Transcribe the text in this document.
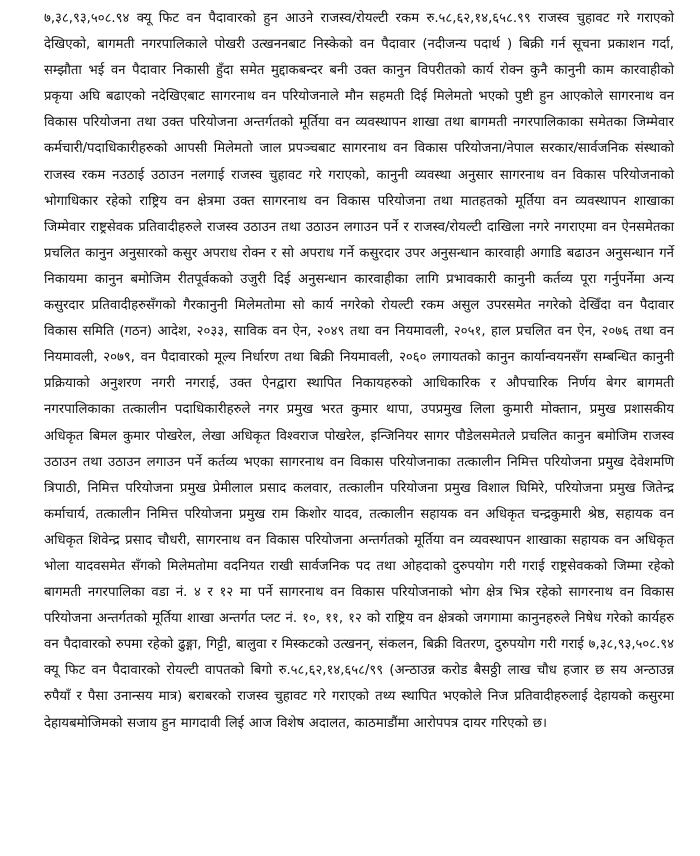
७,३८,९३,५०८.९४ क्यू फिट वन पैदावारको हुन आउने राजस्व/रोयल्टी रकम रु.५८,६२,१४,६५८.९९ राजस्व चुहावट गरे गराएको देखिएको, बागमती नगरपालिकाले पोखरी उत्खननबाट निस्केको वन पैदावार (नदीजन्य पदार्थ ) बिक्री गर्न सूचना प्रकाशन गर्दा, सम्झौता भई वन पैदावार निकासी हुँदा समेत मुद्दाकबन्दर बनी उक्त कानुन विपरीतको कार्य रोक्न कुनै कानुनी काम कारवाहीको प्रकृया अघि बढाएको नदेखिएबाट सागरनाथ वन परियोजनाले मौन सहमती दिई मिलेमतो भएको पुष्टी हुन आएकोले सागरनाथ वन विकास परियोजना तथा उक्त परियोजना अन्तर्गतको मूर्तिया वन व्यवस्थापन शाखा तथा बागमती नगरपालिकाका समेतका जिम्मेवार कर्मचारी/पदाधिकारीहरुको आपसी मिलेमतो जाल प्रपञ्चबाट सागरनाथ वन विकास परियोजना/नेपाल सरकार/सार्वजनिक संस्थाको राजस्व रकम नउठाई उठाउन नलगाई राजस्व चुहावट गरे गराएको, कानुनी व्यवस्था अनुसार सागरनाथ वन विकास परियोजनाको भोगाधिकार रहेको राष्ट्रिय वन क्षेत्रमा उक्त सागरनाथ वन विकास परियोजना तथा मातहतको मूर्तिया वन व्यवस्थापन शाखाका जिम्मेवार राष्ट्रसेवक प्रतिवादीहरुले राजस्व उठाउन तथा उठाउन लगाउन पर्ने र राजस्व/रोयल्टी दाखिला नगरे नगराएमा वन ऐनसमेतका प्रचलित कानुन अनुसारको कसुर अपराध रोक्न र सो अपराध गर्ने कसुरदार उपर अनुसन्धान कारवाही अगाडि बढाउन अनुसन्धान गर्ने निकायमा कानुन बमोजिम रीतपूर्वकको उजुरी दिई अनुसन्धान कारवाहीका लागि प्रभावकारी कानुनी कर्तव्य पूरा गर्नुपर्नेमा अन्य कसुरदार प्रतिवादीहरुसँगको गैरकानुनी मिलेमतोमा सो कार्य नगरेको रोयल्टी रकम असुल उपरसमेत नगरेको देखिँदा वन पैदावार विकास समिति (गठन) आदेश, २०३३, साविक वन ऐन, २०४९ तथा वन नियमावली, २०५१, हाल प्रचलित वन ऐन, २०७६ तथा वन नियमावली, २०७९, वन पैदावारको मूल्य निर्धारण तथा बिक्री नियमावली, २०६० लगायतको कानुन कार्यान्वयनसँग सम्बन्धित कानुनी प्रक्रियाको अनुशरण नगरी नगराई, उक्त ऐनद्वारा स्थापित निकायहरुको आधिकारिक र औपचारिक निर्णय बेगर बागमती नगरपालिकाका तत्कालीन पदाधिकारीहरुले नगर प्रमुख भरत कुमार थापा, उपप्रमुख लिला कुमारी मोक्तान, प्रमुख प्रशासकीय अधिकृत बिमल कुमार पोखरेल, लेखा अधिकृत विश्वराज पोखरेल, इन्जिनियर सागर पौडेलसमेतले प्रचलित कानुन बमोजिम राजस्व उठाउन तथा उठाउन लगाउन पर्ने कर्तव्य भएका सागरनाथ वन विकास परियोजनाका तत्कालीन निमित्त परियोजना प्रमुख देवेशमणि त्रिपाठी, निमित्त परियोजना प्रमुख प्रेमीलाल प्रसाद कलवार, तत्कालीन परियोजना प्रमुख विशाल घिमिरे, परियोजना प्रमुख जितेन्द्र कर्माचार्य, तत्कालीन निमित्त परियोजना प्रमुख राम किशोर यादव, तत्कालीन सहायक वन अधिकृत चन्द्रकुमारी श्रेष्ठ, सहायक वन अधिकृत शिवेन्द्र प्रसाद चौधरी, सागरनाथ वन विकास परियोजना अन्तर्गतको मूर्तिया वन व्यवस्थापन शाखाका सहायक वन अधिकृत भोला यादवसमेत सँगको मिलेमतोमा वदनियत राखी सार्वजनिक पद तथा ओहदाको दुरुपयोग गरी गराई राष्ट्रसेवकको जिम्मा रहेको बागमती नगरपालिका वडा नं. ४ र १२ मा पर्ने सागरनाथ वन विकास परियोजनाको भोग क्षेत्र भित्र रहेको सागरनाथ वन विकास परियोजना अन्तर्गतको मूर्तिया शाखा अन्तर्गत प्लट नं. १०, ११, १२ को राष्ट्रिय वन क्षेत्रको जगगामा कानुनहरुले निषेध गरेको कार्यहरु वन पैदावारको रुपमा रहेको ढुङ्गा, गिट्टी, बालुवा र मिस्कटको उत्खनन्, संकलन, बिक्री वितरण, दुरुपयोग गरी गराई ७,३८,९३,५०८.९४ क्यू फिट वन पैदावारको रोयल्टी वापतको बिगो रु.५८,६२,१४,६५८/९९ (अन्ठाउन्न करोड बैसठ्ठी लाख चौध हजार छ सय अन्ठाउन्न रुपैयाँ र पैसा उनान्सय मात्र) बराबरको राजस्व चुहावट गरे गराएको तथ्य स्थापित भएकोले निज प्रतिवादीहरुलाई देहायको कसुरमा देहायबमोजिमको सजाय हुन मागदावी लिई आज विशेष अदालत, काठमाडौंमा आरोपपत्र दायर गरिएको छ।
